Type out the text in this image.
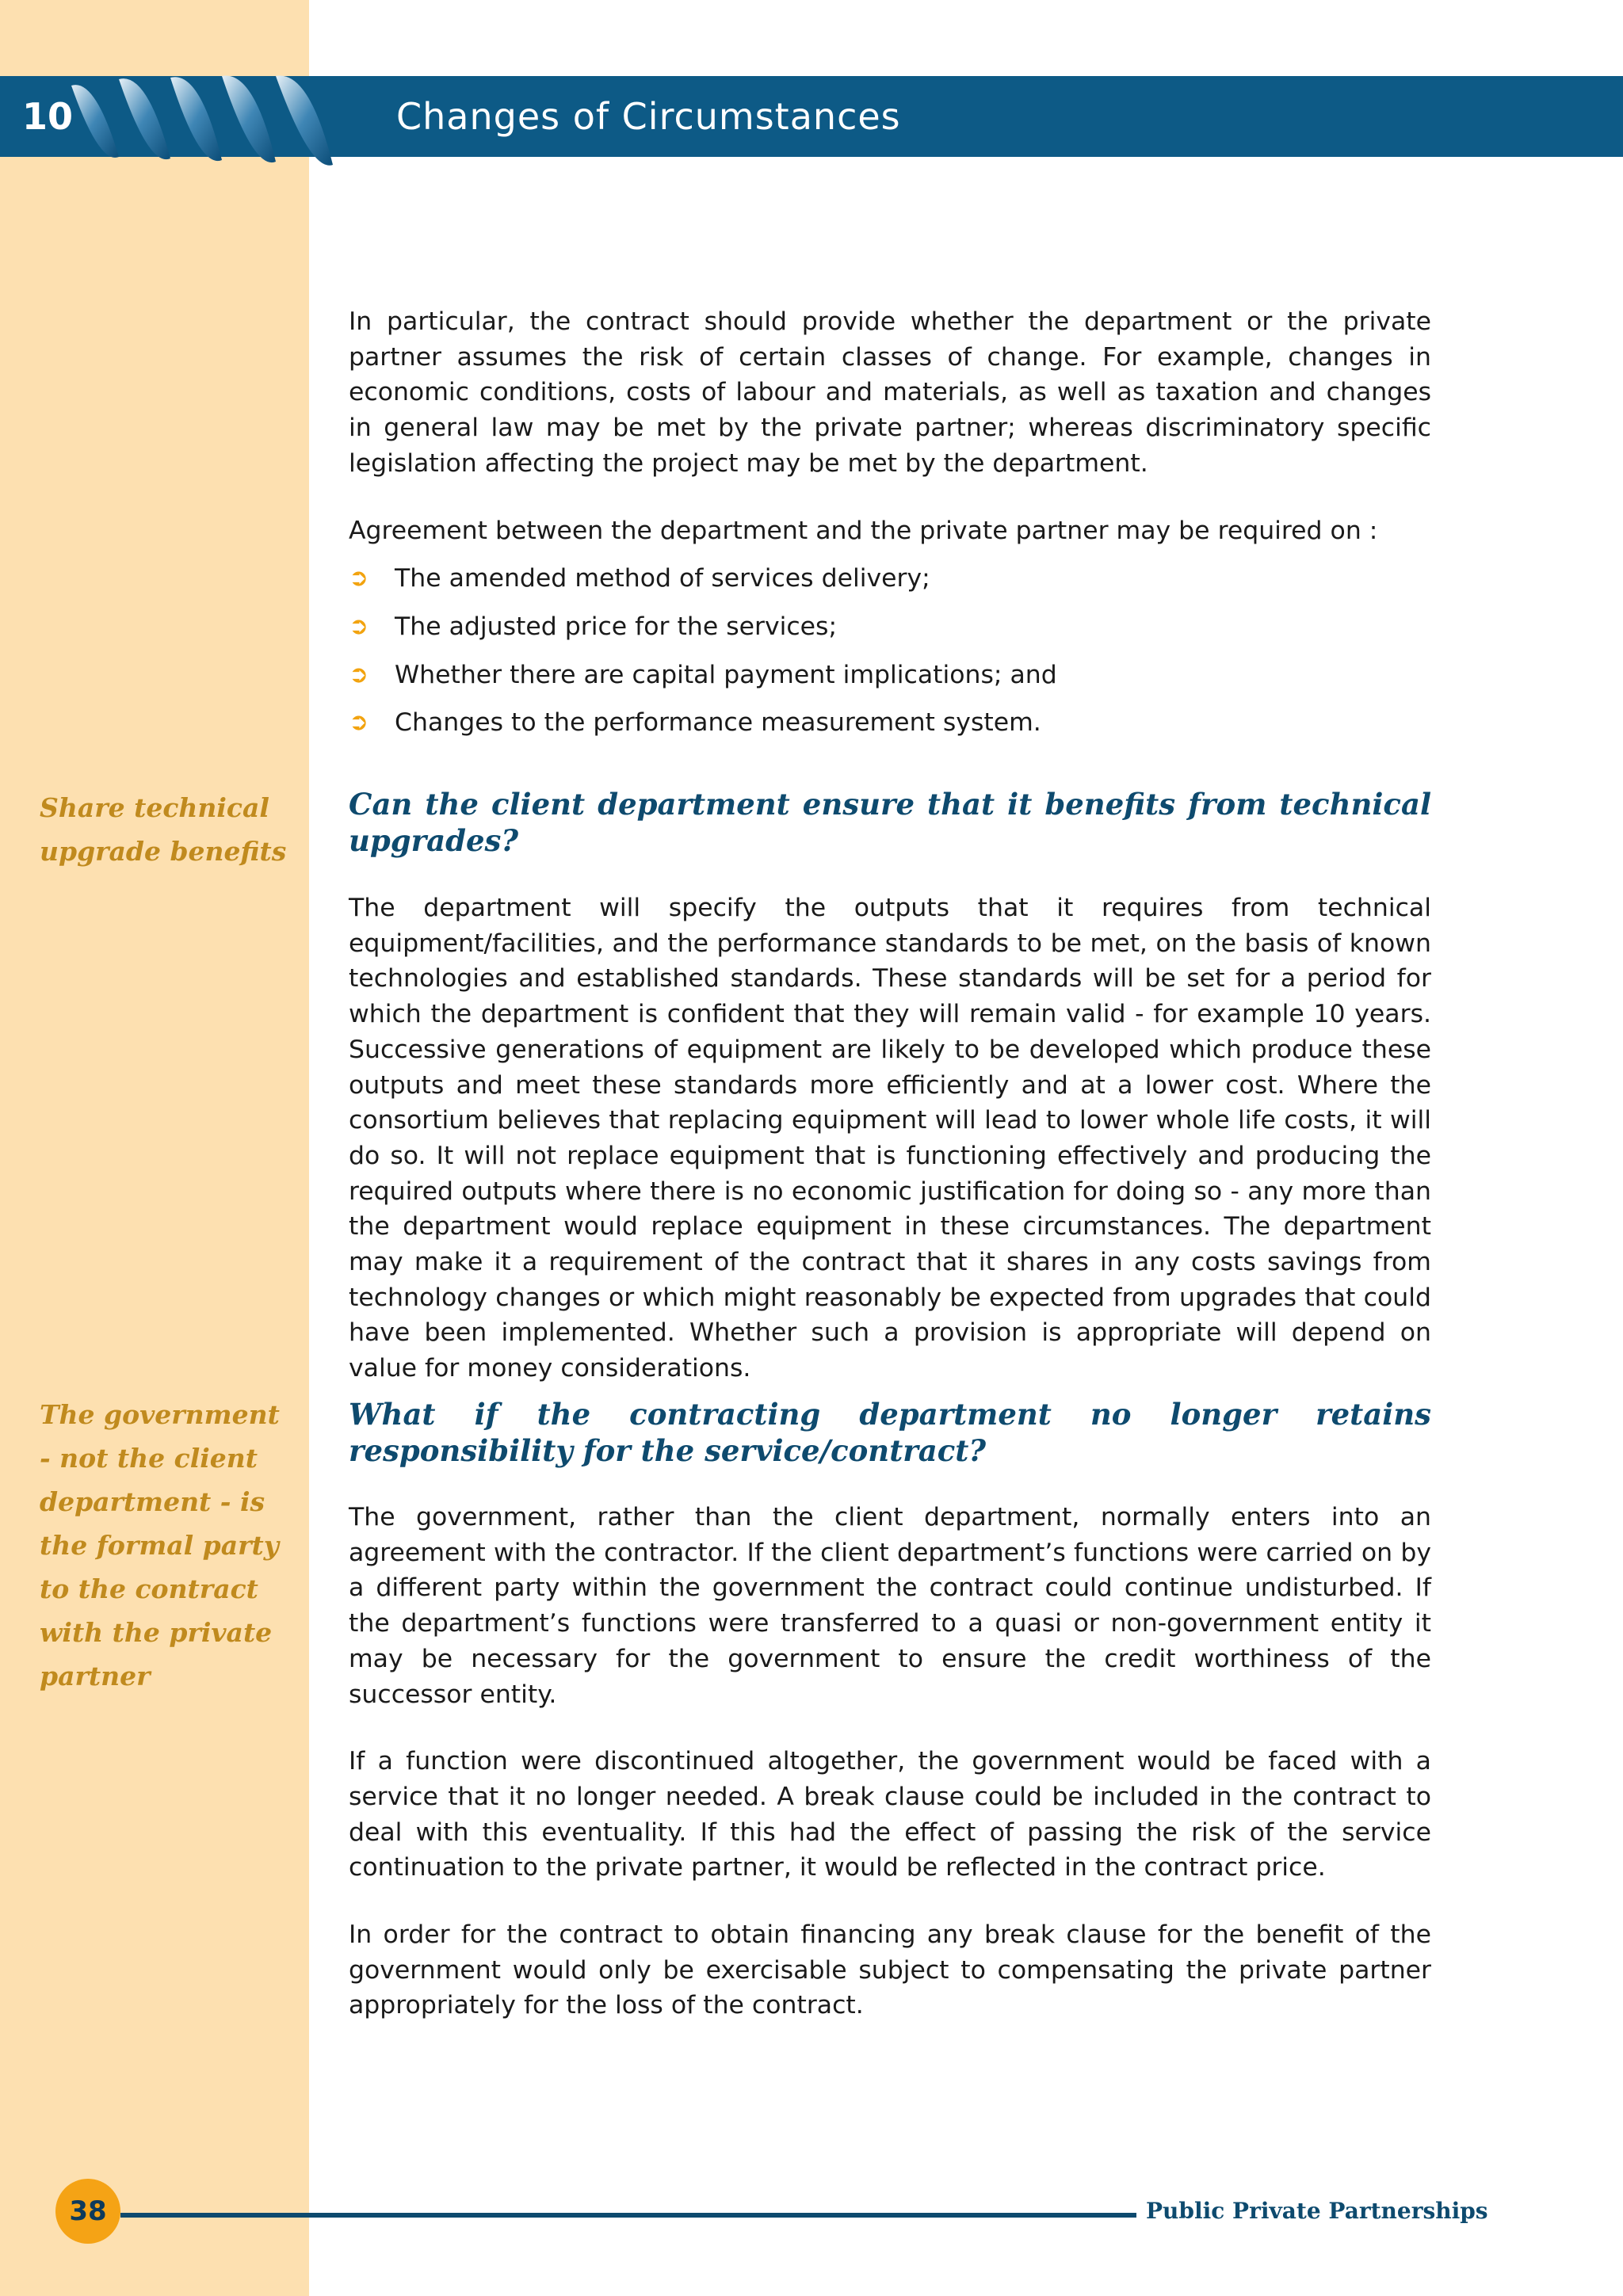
10	Changes of Circumstances

In particular, the contract should provide whether the department or the private partner assumes the risk of certain classes of change. For example, changes in economic conditions, costs of labour and materials, as well as taxation and changes in general law may be met by the private partner; whereas discriminatory specific legislation affecting the project may be met by the department.

Agreement between the department and the private partner may be required on :

➲ The amended method of services delivery;
➲ The adjusted price for the services;
➲ Whether there are capital payment implications; and
➲ Changes to the performance measurement system.
Share technical upgrade benefits
Can the client department ensure that it benefits from technical upgrades?

The department will specify the outputs that it requires from technical equipment/facilities, and the performance standards to be met, on the basis of known technologies and established standards. These standards will be set for a period for which the department is confident that they will remain valid - for example 10 years. Successive generations of equipment are likely to be developed which produce these outputs and meet these standards more efficiently and at a lower cost. Where the consortium believes that replacing equipment will lead to lower whole life costs, it will do so. It will not replace equipment that is functioning effectively and producing the required outputs where there is no economic justification for doing so - any more than the department would replace equipment in these circumstances. The department may make it a requirement of the contract that it shares in any costs savings from technology changes or which might reasonably be expected from upgrades that could have been implemented. Whether such a provision is appropriate will depend on value for money considerations.

The government - not the client department - is the formal party to the contract with the private partner
What if the contracting department no longer retains responsibility for the service/contract?

The government, rather than the client department, normally enters into an agreement with the contractor. If the client department’s functions were carried on by a different party within the government the contract could continue undisturbed. If the department’s functions were transferred to a quasi or non-government entity it may be necessary for the government to ensure the credit worthiness of the successor entity.

If a function were discontinued altogether, the government would be faced with a service that it no longer needed. A break clause could be included in the contract to deal with this eventuality. If this had the effect of passing the risk of the service continuation to the private partner, it would be reflected in the contract price.

In order for the contract to obtain financing any break clause for the benefit of the government would only be exercisable subject to compensating the private partner appropriately for the loss of the contract.

38	Public Private Partnerships
